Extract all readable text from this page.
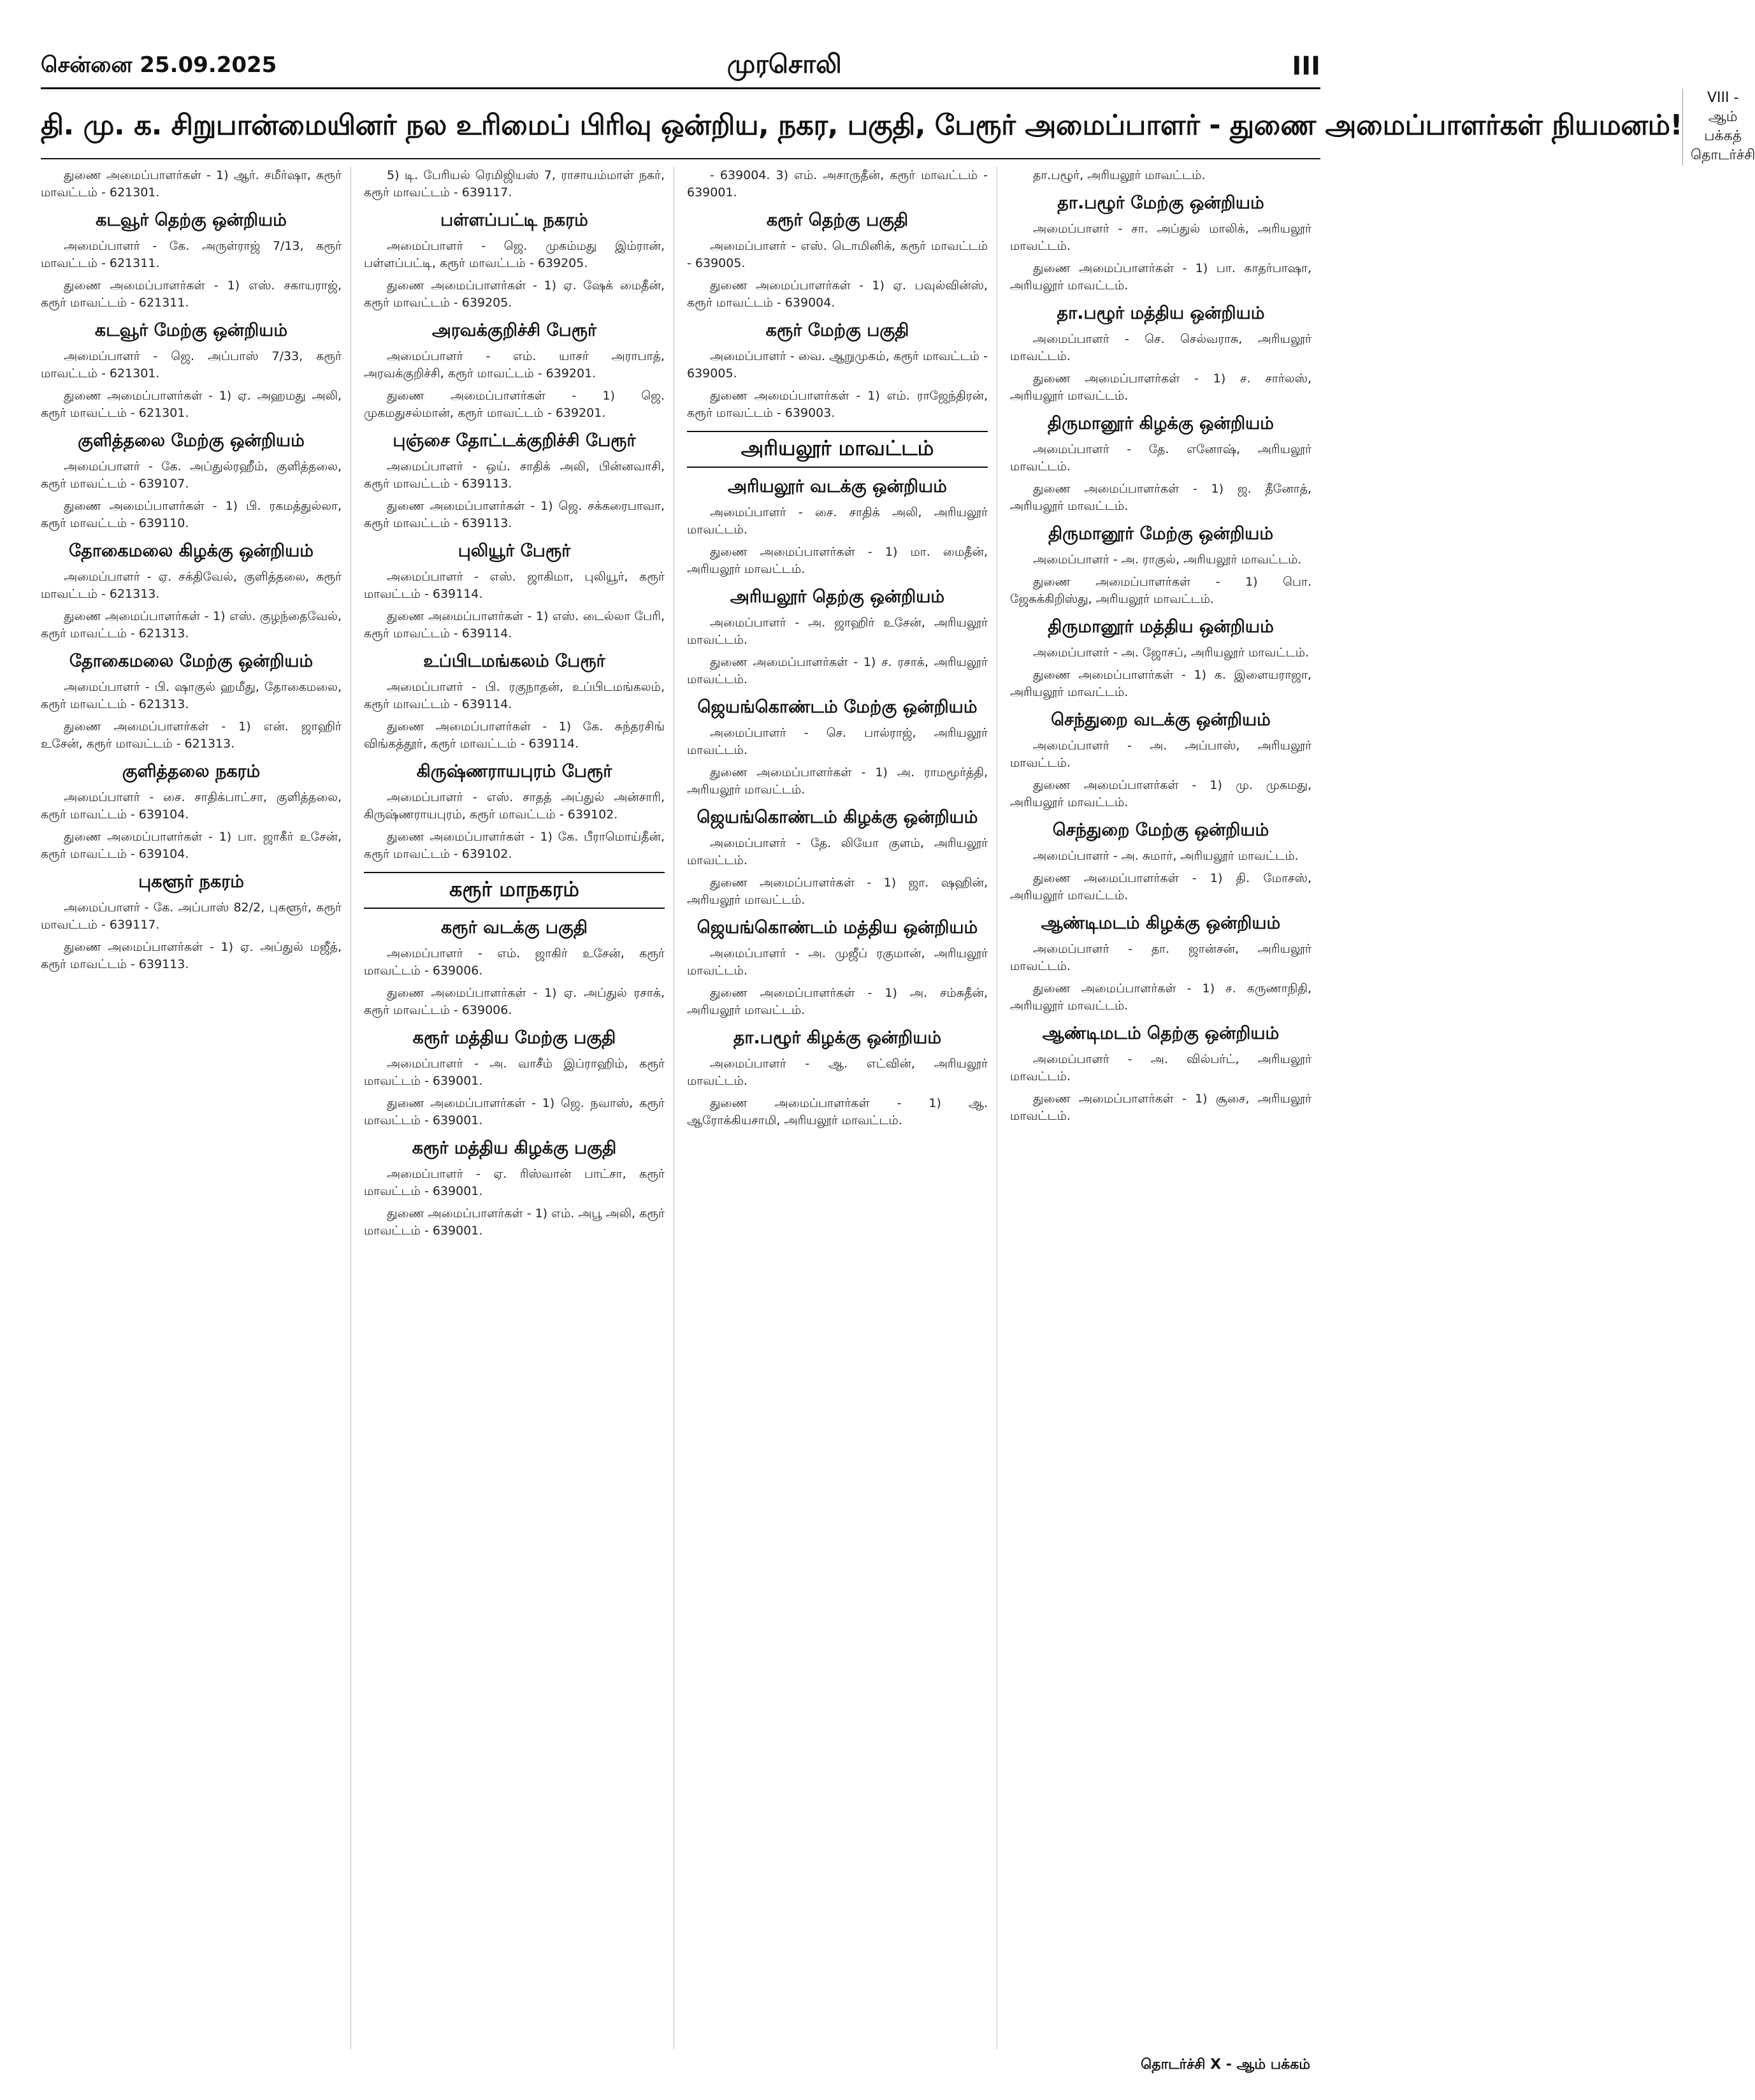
சென்னை 25.09.2025	முரசொலி	III
தி. மு. க. சிறுபான்மையினர் நல உரிமைப் பிரிவு ஒன்றிய, நகர, பகுதி, பேரூர் அமைப்பாளர் - துணை அமைப்பாளர்கள் நியமனம்!
VIII - ஆம் பக்கத் தொடர்ச்சி

துணை அமைப்பாளர்கள் - 1) ஆர். சமீர்ஷா, கரூர் மாவட்டம் - 621301.

கடவூர் தெற்கு ஒன்றியம்

அமைப்பாளர் - கே. அருள்ராஜ் 7/13, கரூர் மாவட்டம் - 621311.

துணை அமைப்பாளர்கள் - 1) எஸ். சகாயராஜ், கரூர் மாவட்டம் - 621311.

கடவூர் மேற்கு ஒன்றியம்

அமைப்பாளர் - ஜெ. அப்பாஸ் 7/33, கரூர் மாவட்டம் - 621301.

துணை அமைப்பாளர்கள் - 1) ஏ. அஹமது அலி, கரூர் மாவட்டம் - 621301.

குளித்தலை மேற்கு ஒன்றியம்

அமைப்பாளர் - கே. அப்துல்ரஹீம், குளித்தலை, கரூர் மாவட்டம் - 639107.

துணை அமைப்பாளர்கள் - 1) பி. ரகமத்துல்லா, கரூர் மாவட்டம் - 639110.

தோகைமலை கிழக்கு ஒன்றியம்

அமைப்பாளர் - ஏ. சக்திவேல், குளித்தலை, கரூர் மாவட்டம் - 621313.

துணை அமைப்பாளர்கள் - 1) எஸ். குழந்தைவேல், கரூர் மாவட்டம் - 621313.

தோகைமலை மேற்கு ஒன்றியம்

அமைப்பாளர் - பி. ஷாகுல் ஹமீது, தோகைமலை, கரூர் மாவட்டம் - 621313.

துணை அமைப்பாளர்கள் - 1) என். ஜாஹிர் உசேன், கரூர் மாவட்டம் - 621313.

குளித்தலை நகரம்

அமைப்பாளர் - சை. சாதிக்பாட்சா, குளித்தலை, கரூர் மாவட்டம் - 639104.

துணை அமைப்பாளர்கள் - 1) பா. ஜாகீர் உசேன், கரூர் மாவட்டம் - 639104.

புகளூர் நகரம்

அமைப்பாளர் - கே. அப்பாஸ் 82/2, புகளூர், கரூர் மாவட்டம் - 639117.

துணை அமைப்பாளர்கள் - 1) ஏ. அப்துல் மஜீத், கரூர் மாவட்டம் - 639113.

5) டி. பேரியல் ரெமிஜியஸ் 7, ராசாயம்மாள் நகர், கரூர் மாவட்டம் - 639117.

பள்ளப்பட்டி நகரம்

அமைப்பாளர் - ஜெ. முகம்மது இம்ரான், பள்ளப்பட்டி, கரூர் மாவட்டம் - 639205.

துணை அமைப்பாளர்கள் - 1) ஏ. ஷேக் மைதீன், கரூர் மாவட்டம் - 639205.

அரவக்குறிச்சி பேரூர்

அமைப்பாளர் - எம். யாசர் அராபாத், அரவக்குறிச்சி, கரூர் மாவட்டம் - 639201.

துணை அமைப்பாளர்கள் - 1) ஜெ. முகமதுசல்மான், கரூர் மாவட்டம் - 639201.

புஞ்சை தோட்டக்குறிச்சி பேரூர்

அமைப்பாளர் - ஒய். சாதிக் அலி, பின்னவாசி, கரூர் மாவட்டம் - 639113.

துணை அமைப்பாளர்கள் - 1) ஜெ. சக்கரைபாவா, கரூர் மாவட்டம் - 639113.

புலியூர் பேரூர்

அமைப்பாளர் - எஸ். ஜாகிமா, புலியூர், கரூர் மாவட்டம் - 639114.

துணை அமைப்பாளர்கள் - 1) எஸ். டைல்லா பேரி, கரூர் மாவட்டம் - 639114.

உப்பிடமங்கலம் பேரூர்

அமைப்பாளர் - பி. ரகுநாதன், உப்பிடமங்கலம், கரூர் மாவட்டம் - 639114.

துணை அமைப்பாளர்கள் - 1) கே. சுந்தரசிங் விங்கத்தூர், கரூர் மாவட்டம் - 639114.

கிருஷ்ணராயபுரம் பேரூர்

அமைப்பாளர் - எஸ். சாதத் அப்துல் அன்சாரி, கிருஷ்ணராயபுரம், கரூர் மாவட்டம் - 639102.

துணை அமைப்பாளர்கள் - 1) கே. பீராமொய்தீன், கரூர் மாவட்டம் - 639102.

கரூர் மாநகரம்
கரூர் வடக்கு பகுதி

அமைப்பாளர் - எம். ஜாகிர் உசேன், கரூர் மாவட்டம் - 639006.

துணை அமைப்பாளர்கள் - 1) ஏ. அப்துல் ரசாக், கரூர் மாவட்டம் - 639006.

கரூர் மத்திய மேற்கு பகுதி

அமைப்பாளர் - அ. வாசீம் இப்ராஹிம், கரூர் மாவட்டம் - 639001.

துணை அமைப்பாளர்கள் - 1) ஜெ. நவாஸ், கரூர் மாவட்டம் - 639001.

கரூர் மத்திய கிழக்கு பகுதி

அமைப்பாளர் - ஏ. ரிஸ்வான் பாட்சா, கரூர் மாவட்டம் - 639001.

துணை அமைப்பாளர்கள் - 1) எம். அபூ அலி, கரூர் மாவட்டம் - 639001.

- 639004. 3) எம். அசாருதீன், கரூர் மாவட்டம் - 639001.

கரூர் தெற்கு பகுதி

அமைப்பாளர் - எஸ். டொமினிக், கரூர் மாவட்டம் - 639005.

துணை அமைப்பாளர்கள் - 1) ஏ. பவுல்வின்ஸ், கரூர் மாவட்டம் - 639004.

கரூர் மேற்கு பகுதி

அமைப்பாளர் - வை. ஆறுமுகம், கரூர் மாவட்டம் - 639005.

துணை அமைப்பாளர்கள் - 1) எம். ராஜேந்திரன், கரூர் மாவட்டம் - 639003.

அரியலூர் மாவட்டம்
அரியலூர் வடக்கு ஒன்றியம்

அமைப்பாளர் - சை. சாதிக் அலி, அரியலூர் மாவட்டம்.

துணை அமைப்பாளர்கள் - 1) மா. மைதீன், அரியலூர் மாவட்டம்.

அரியலூர் தெற்கு ஒன்றியம்

அமைப்பாளர் - அ. ஜாஹிர் உசேன், அரியலூர் மாவட்டம்.

துணை அமைப்பாளர்கள் - 1) ச. ரசாக், அரியலூர் மாவட்டம்.

ஜெயங்கொண்டம் மேற்கு ஒன்றியம்

அமைப்பாளர் - செ. பால்ராஜ், அரியலூர் மாவட்டம்.

துணை அமைப்பாளர்கள் - 1) அ. ராமமூர்த்தி, அரியலூர் மாவட்டம்.

ஜெயங்கொண்டம் கிழக்கு ஒன்றியம்

அமைப்பாளர் - தே. லியோ குளம், அரியலூர் மாவட்டம்.

துணை அமைப்பாளர்கள் - 1) ஜா. ஷஹின், அரியலூர் மாவட்டம்.

ஜெயங்கொண்டம் மத்திய ஒன்றியம்

அமைப்பாளர் - அ. முஜீப் ரகுமான், அரியலூர் மாவட்டம்.

துணை அமைப்பாளர்கள் - 1) அ. சம்சுதீன், அரியலூர் மாவட்டம்.

தா.பழூர் கிழக்கு ஒன்றியம்

அமைப்பாளர் - ஆ. எட்வின், அரியலூர் மாவட்டம்.

துணை அமைப்பாளர்கள் - 1) ஆ. ஆரோக்கியசாமி, அரியலூர் மாவட்டம்.

தா.பழூர், அரியலூர் மாவட்டம்.

தா.பழூர் மேற்கு ஒன்றியம்

அமைப்பாளர் - சா. அப்துல் மாலிக், அரியலூர் மாவட்டம்.

துணை அமைப்பாளர்கள் - 1) பா. காதர்பாஷா, அரியலூர் மாவட்டம்.

தா.பழூர் மத்திய ஒன்றியம்

அமைப்பாளர் - செ. செல்வராசு, அரியலூர் மாவட்டம்.

துணை அமைப்பாளர்கள் - 1) ச. சார்லஸ், அரியலூர் மாவட்டம்.

திருமானூர் கிழக்கு ஒன்றியம்

அமைப்பாளர் - தே. எனோஷ், அரியலூர் மாவட்டம்.

துணை அமைப்பாளர்கள் - 1) ஜ. தீனோத், அரியலூர் மாவட்டம்.

திருமானூர் மேற்கு ஒன்றியம்

அமைப்பாளர் - அ. ராகுல், அரியலூர் மாவட்டம்.

துணை அமைப்பாளர்கள் - 1) பொ. ஜேசுக்கிறிஸ்து, அரியலூர் மாவட்டம்.

திருமானூர் மத்திய ஒன்றியம்

அமைப்பாளர் - அ. ஜோசப், அரியலூர் மாவட்டம்.

துணை அமைப்பாளர்கள் - 1) க. இளையராஜா, அரியலூர் மாவட்டம்.

செந்துறை வடக்கு ஒன்றியம்

அமைப்பாளர் - அ. அப்பாஸ், அரியலூர் மாவட்டம்.

துணை அமைப்பாளர்கள் - 1) மு. முகமது, அரியலூர் மாவட்டம்.

செந்துறை மேற்கு ஒன்றியம்

அமைப்பாளர் - அ. சுமார், அரியலூர் மாவட்டம்.

துணை அமைப்பாளர்கள் - 1) தி. மோசஸ், அரியலூர் மாவட்டம்.

ஆண்டிமடம் கிழக்கு ஒன்றியம்

அமைப்பாளர் - தா. ஜான்சன், அரியலூர் மாவட்டம்.

துணை அமைப்பாளர்கள் - 1) ச. கருணாநிதி, அரியலூர் மாவட்டம்.

ஆண்டிமடம் தெற்கு ஒன்றியம்

அமைப்பாளர் - அ. வில்பர்ட், அரியலூர் மாவட்டம்.

துணை அமைப்பாளர்கள் - 1) சூசை, அரியலூர் மாவட்டம்.

தொடர்ச்சி X - ஆம் பக்கம்
